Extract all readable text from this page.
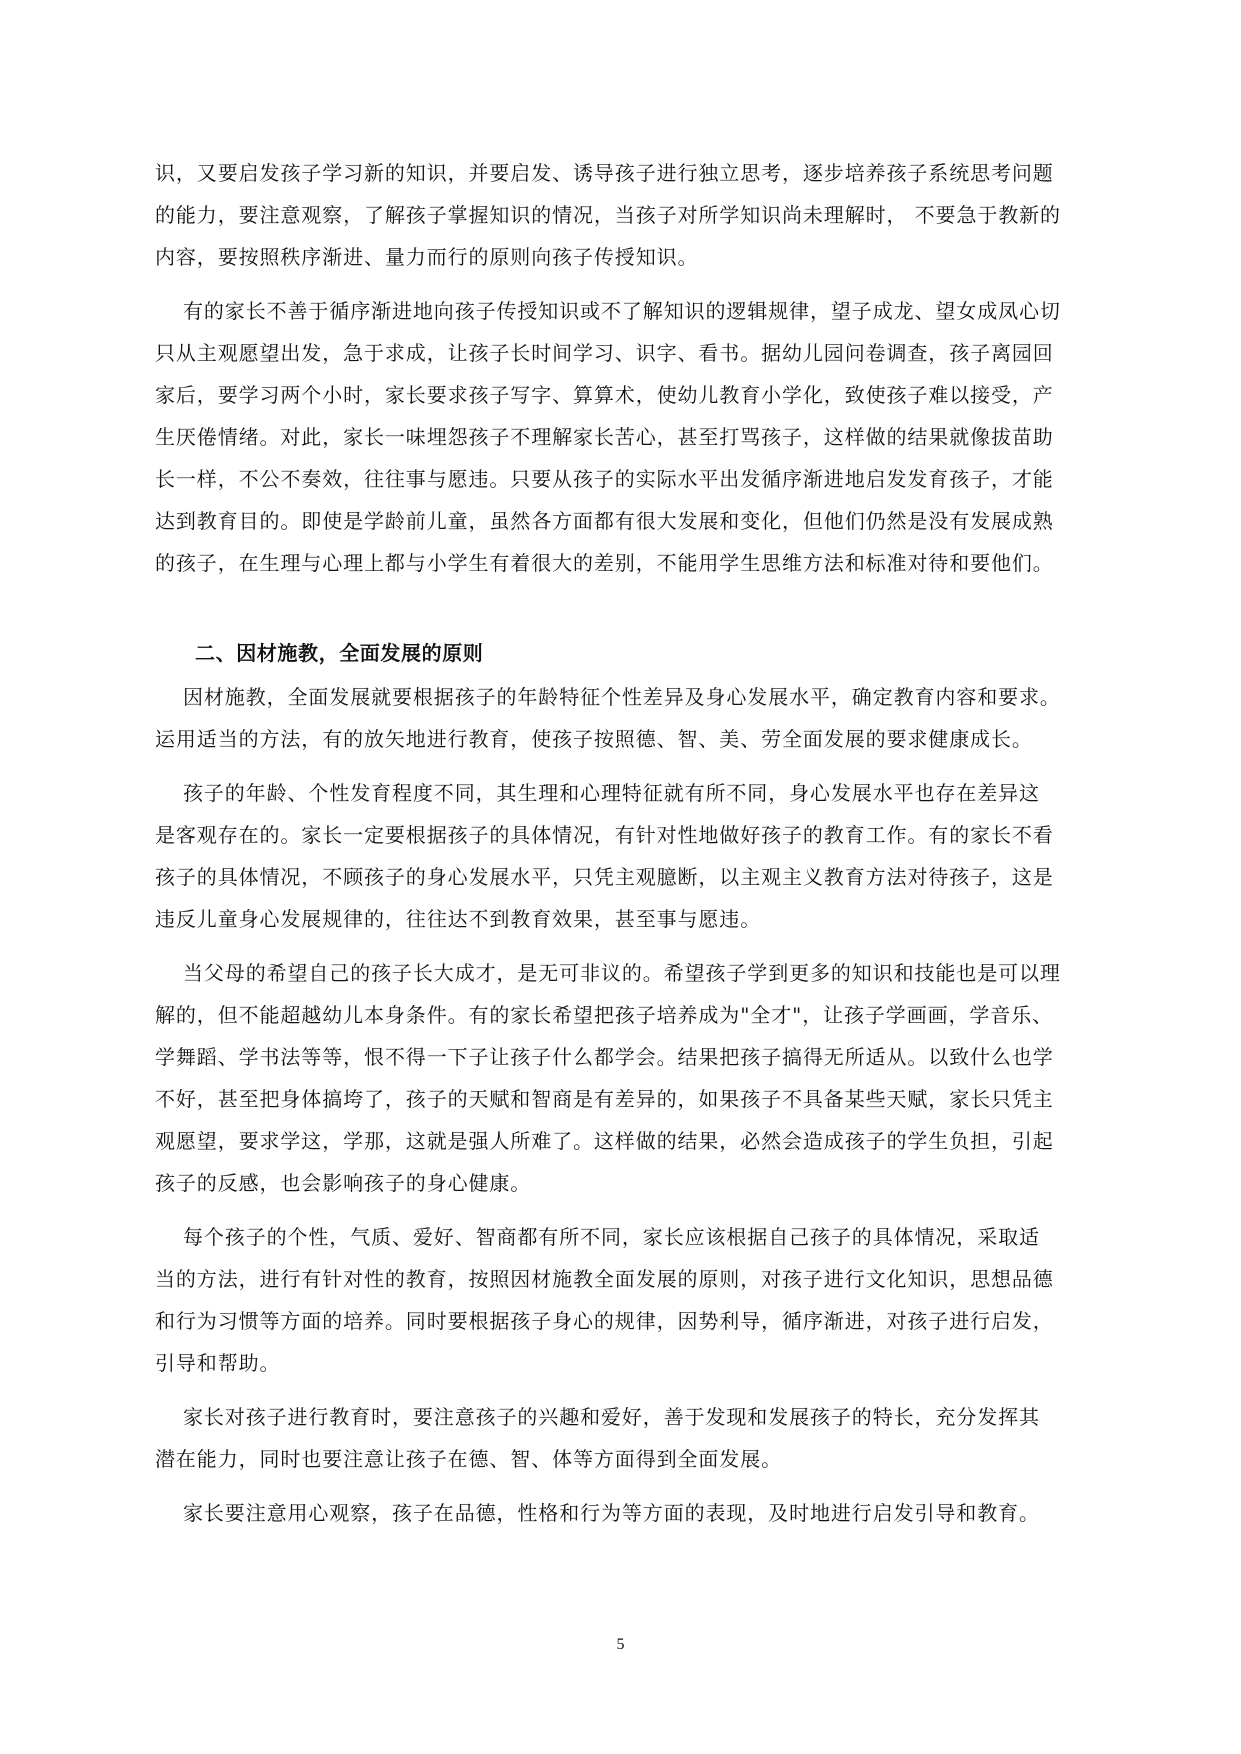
识，又要启发孩子学习新的知识，并要启发、诱导孩子进行独立思考，逐步培养孩子系统思考问题
的能力，要注意观察，了解孩子掌握知识的情况，当孩子对所学知识尚未理解时， 不要急于教新的
内容，要按照秩序渐进、量力而行的原则向孩子传授知识。
有的家长不善于循序渐进地向孩子传授知识或不了解知识的逻辑规律，望子成龙、望女成凤心切
只从主观愿望出发，急于求成，让孩子长时间学习、识字、看书。据幼儿园问卷调查，孩子离园回
家后，要学习两个小时，家长要求孩子写字、算算术，使幼儿教育小学化，致使孩子难以接受，产
生厌倦情绪。对此，家长一味埋怨孩子不理解家长苦心，甚至打骂孩子，这样做的结果就像拔苗助
长一样，不公不奏效，往往事与愿违。只要从孩子的实际水平出发循序渐进地启发发育孩子，才能
达到教育目的。即使是学龄前儿童，虽然各方面都有很大发展和变化，但他们仍然是没有发展成熟
的孩子，在生理与心理上都与小学生有着很大的差别，不能用学生思维方法和标准对待和要他们。
二、因材施教，全面发展的原则
因材施教，全面发展就要根据孩子的年龄特征个性差异及身心发展水平，确定教育内容和要求。
运用适当的方法，有的放矢地进行教育，使孩子按照德、智、美、劳全面发展的要求健康成长。
孩子的年龄、个性发育程度不同，其生理和心理特征就有所不同，身心发展水平也存在差异这
是客观存在的。家长一定要根据孩子的具体情况，有针对性地做好孩子的教育工作。有的家长不看
孩子的具体情况，不顾孩子的身心发展水平，只凭主观臆断，以主观主义教育方法对待孩子，这是
违反儿童身心发展规律的，往往达不到教育效果，甚至事与愿违。
当父母的希望自己的孩子长大成才，是无可非议的。希望孩子学到更多的知识和技能也是可以理
解的，但不能超越幼儿本身条件。有的家长希望把孩子培养成为"全才"，让孩子学画画，学音乐、
学舞蹈、学书法等等，恨不得一下子让孩子什么都学会。结果把孩子搞得无所适从。以致什么也学
不好，甚至把身体搞垮了，孩子的天赋和智商是有差异的，如果孩子不具备某些天赋，家长只凭主
观愿望，要求学这，学那，这就是强人所难了。这样做的结果，必然会造成孩子的学生负担，引起
孩子的反感，也会影响孩子的身心健康。
每个孩子的个性，气质、爱好、智商都有所不同，家长应该根据自己孩子的具体情况，采取适
当的方法，进行有针对性的教育，按照因材施教全面发展的原则，对孩子进行文化知识，思想品德
和行为习惯等方面的培养。同时要根据孩子身心的规律，因势利导，循序渐进，对孩子进行启发，
引导和帮助。
家长对孩子进行教育时，要注意孩子的兴趣和爱好，善于发现和发展孩子的特长，充分发挥其
潜在能力，同时也要注意让孩子在德、智、体等方面得到全面发展。
家长要注意用心观察，孩子在品德，性格和行为等方面的表现，及时地进行启发引导和教育。
5
